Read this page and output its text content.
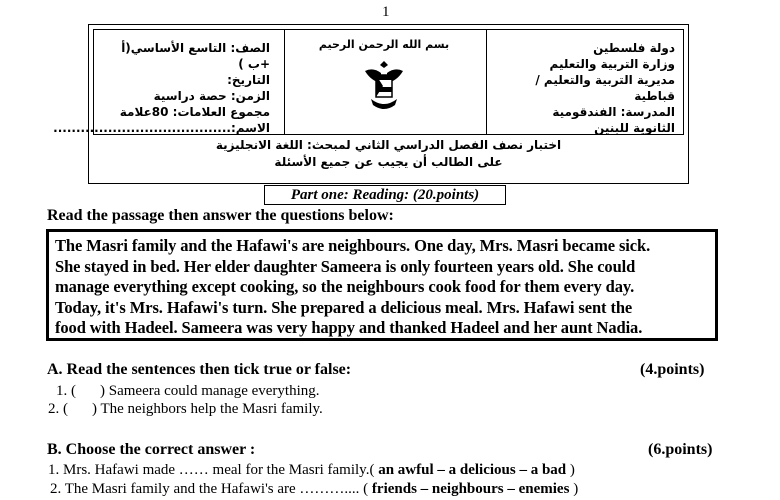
1
دولة فلسطين
وزارة التربية والتعليم
مديرية التربية والتعليم / قباطية
المدرسة: الفندقومية الثانوية للبنين
بسم الله الرحمن الرحيم
الصف: التاسع الأساسي(أ +ب )
التاريخ:
الزمن: حصة دراسية
مجموع العلامات: 80علامة
الاسم:.......................................
اختبار نصف الفصل الدراسي الثاني لمبحث: اللغة الانجليزية
على الطالب أن يجيب عن جميع الأسئلة
Part one: Reading: (20.points)
Read the passage then answer the questions below:
The Masri family and the Hafawi's are neighbours. One day, Mrs. Masri became sick.
She stayed in bed. Her elder daughter Sameera is only fourteen years old. She could
manage everything except cooking, so the neighbours cook food for them every day.
Today, it's Mrs. Hafawi's turn. She prepared a delicious meal. Mrs. Hafawi sent the
food with Hadeel. Sameera was very happy and thanked Hadeel and her aunt Nadia.
A. Read the sentences then tick true or false:	(4.points)
1. ( ) Sameera could manage everything.
2. ( ) The neighbors help the Masri family.
B. Choose the correct answer :	(6.points)
1. Mrs. Hafawi made …… meal for the Masri family.( an awful – a delicious – a bad )
2. The Masri family and the Hafawi's are ……….... ( friends – neighbours – enemies )
